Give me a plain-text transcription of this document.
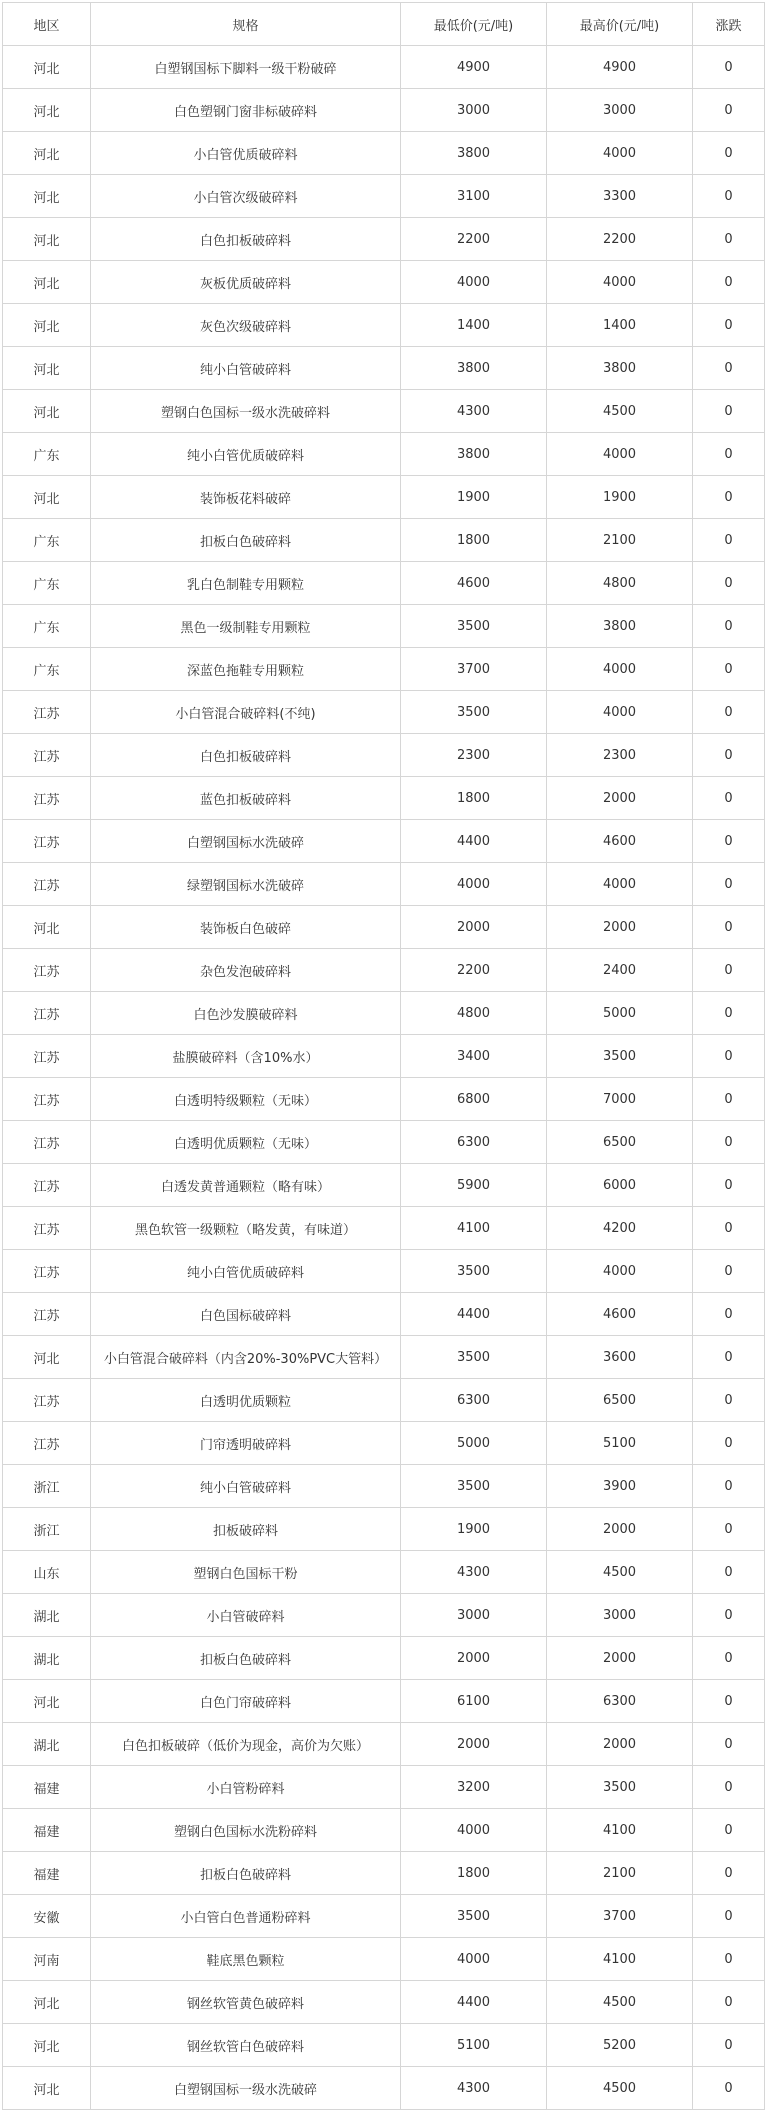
地区	规格	最低价(元/吨)	最高价(元/吨)	涨跌
河北	白塑钢国标下脚料一级干粉破碎	4900	4900	0
河北	白色塑钢门窗非标破碎料	3000	3000	0
河北	小白管优质破碎料	3800	4000	0
河北	小白管次级破碎料	3100	3300	0
河北	白色扣板破碎料	2200	2200	0
河北	灰板优质破碎料	4000	4000	0
河北	灰色次级破碎料	1400	1400	0
河北	纯小白管破碎料	3800	3800	0
河北	塑钢白色国标一级水洗破碎料	4300	4500	0
广东	纯小白管优质破碎料	3800	4000	0
河北	装饰板花料破碎	1900	1900	0
广东	扣板白色破碎料	1800	2100	0
广东	乳白色制鞋专用颗粒	4600	4800	0
广东	黑色一级制鞋专用颗粒	3500	3800	0
广东	深蓝色拖鞋专用颗粒	3700	4000	0
江苏	小白管混合破碎料(不纯)	3500	4000	0
江苏	白色扣板破碎料	2300	2300	0
江苏	蓝色扣板破碎料	1800	2000	0
江苏	白塑钢国标水洗破碎	4400	4600	0
江苏	绿塑钢国标水洗破碎	4000	4000	0
河北	装饰板白色破碎	2000	2000	0
江苏	杂色发泡破碎料	2200	2400	0
江苏	白色沙发膜破碎料	4800	5000	0
江苏	盐膜破碎料（含10%水）	3400	3500	0
江苏	白透明特级颗粒（无味）	6800	7000	0
江苏	白透明优质颗粒（无味）	6300	6500	0
江苏	白透发黄普通颗粒（略有味）	5900	6000	0
江苏	黑色软管一级颗粒（略发黄，有味道）	4100	4200	0
江苏	纯小白管优质破碎料	3500	4000	0
江苏	白色国标破碎料	4400	4600	0
河北	小白管混合破碎料（内含20%-30%PVC大管料）	3500	3600	0
江苏	白透明优质颗粒	6300	6500	0
江苏	门帘透明破碎料	5000	5100	0
浙江	纯小白管破碎料	3500	3900	0
浙江	扣板破碎料	1900	2000	0
山东	塑钢白色国标干粉	4300	4500	0
湖北	小白管破碎料	3000	3000	0
湖北	扣板白色破碎料	2000	2000	0
河北	白色门帘破碎料	6100	6300	0
湖北	白色扣板破碎（低价为现金，高价为欠账）	2000	2000	0
福建	小白管粉碎料	3200	3500	0
福建	塑钢白色国标水洗粉碎料	4000	4100	0
福建	扣板白色破碎料	1800	2100	0
安徽	小白管白色普通粉碎料	3500	3700	0
河南	鞋底黑色颗粒	4000	4100	0
河北	钢丝软管黄色破碎料	4400	4500	0
河北	钢丝软管白色破碎料	5100	5200	0
河北	白塑钢国标一级水洗破碎	4300	4500	0
